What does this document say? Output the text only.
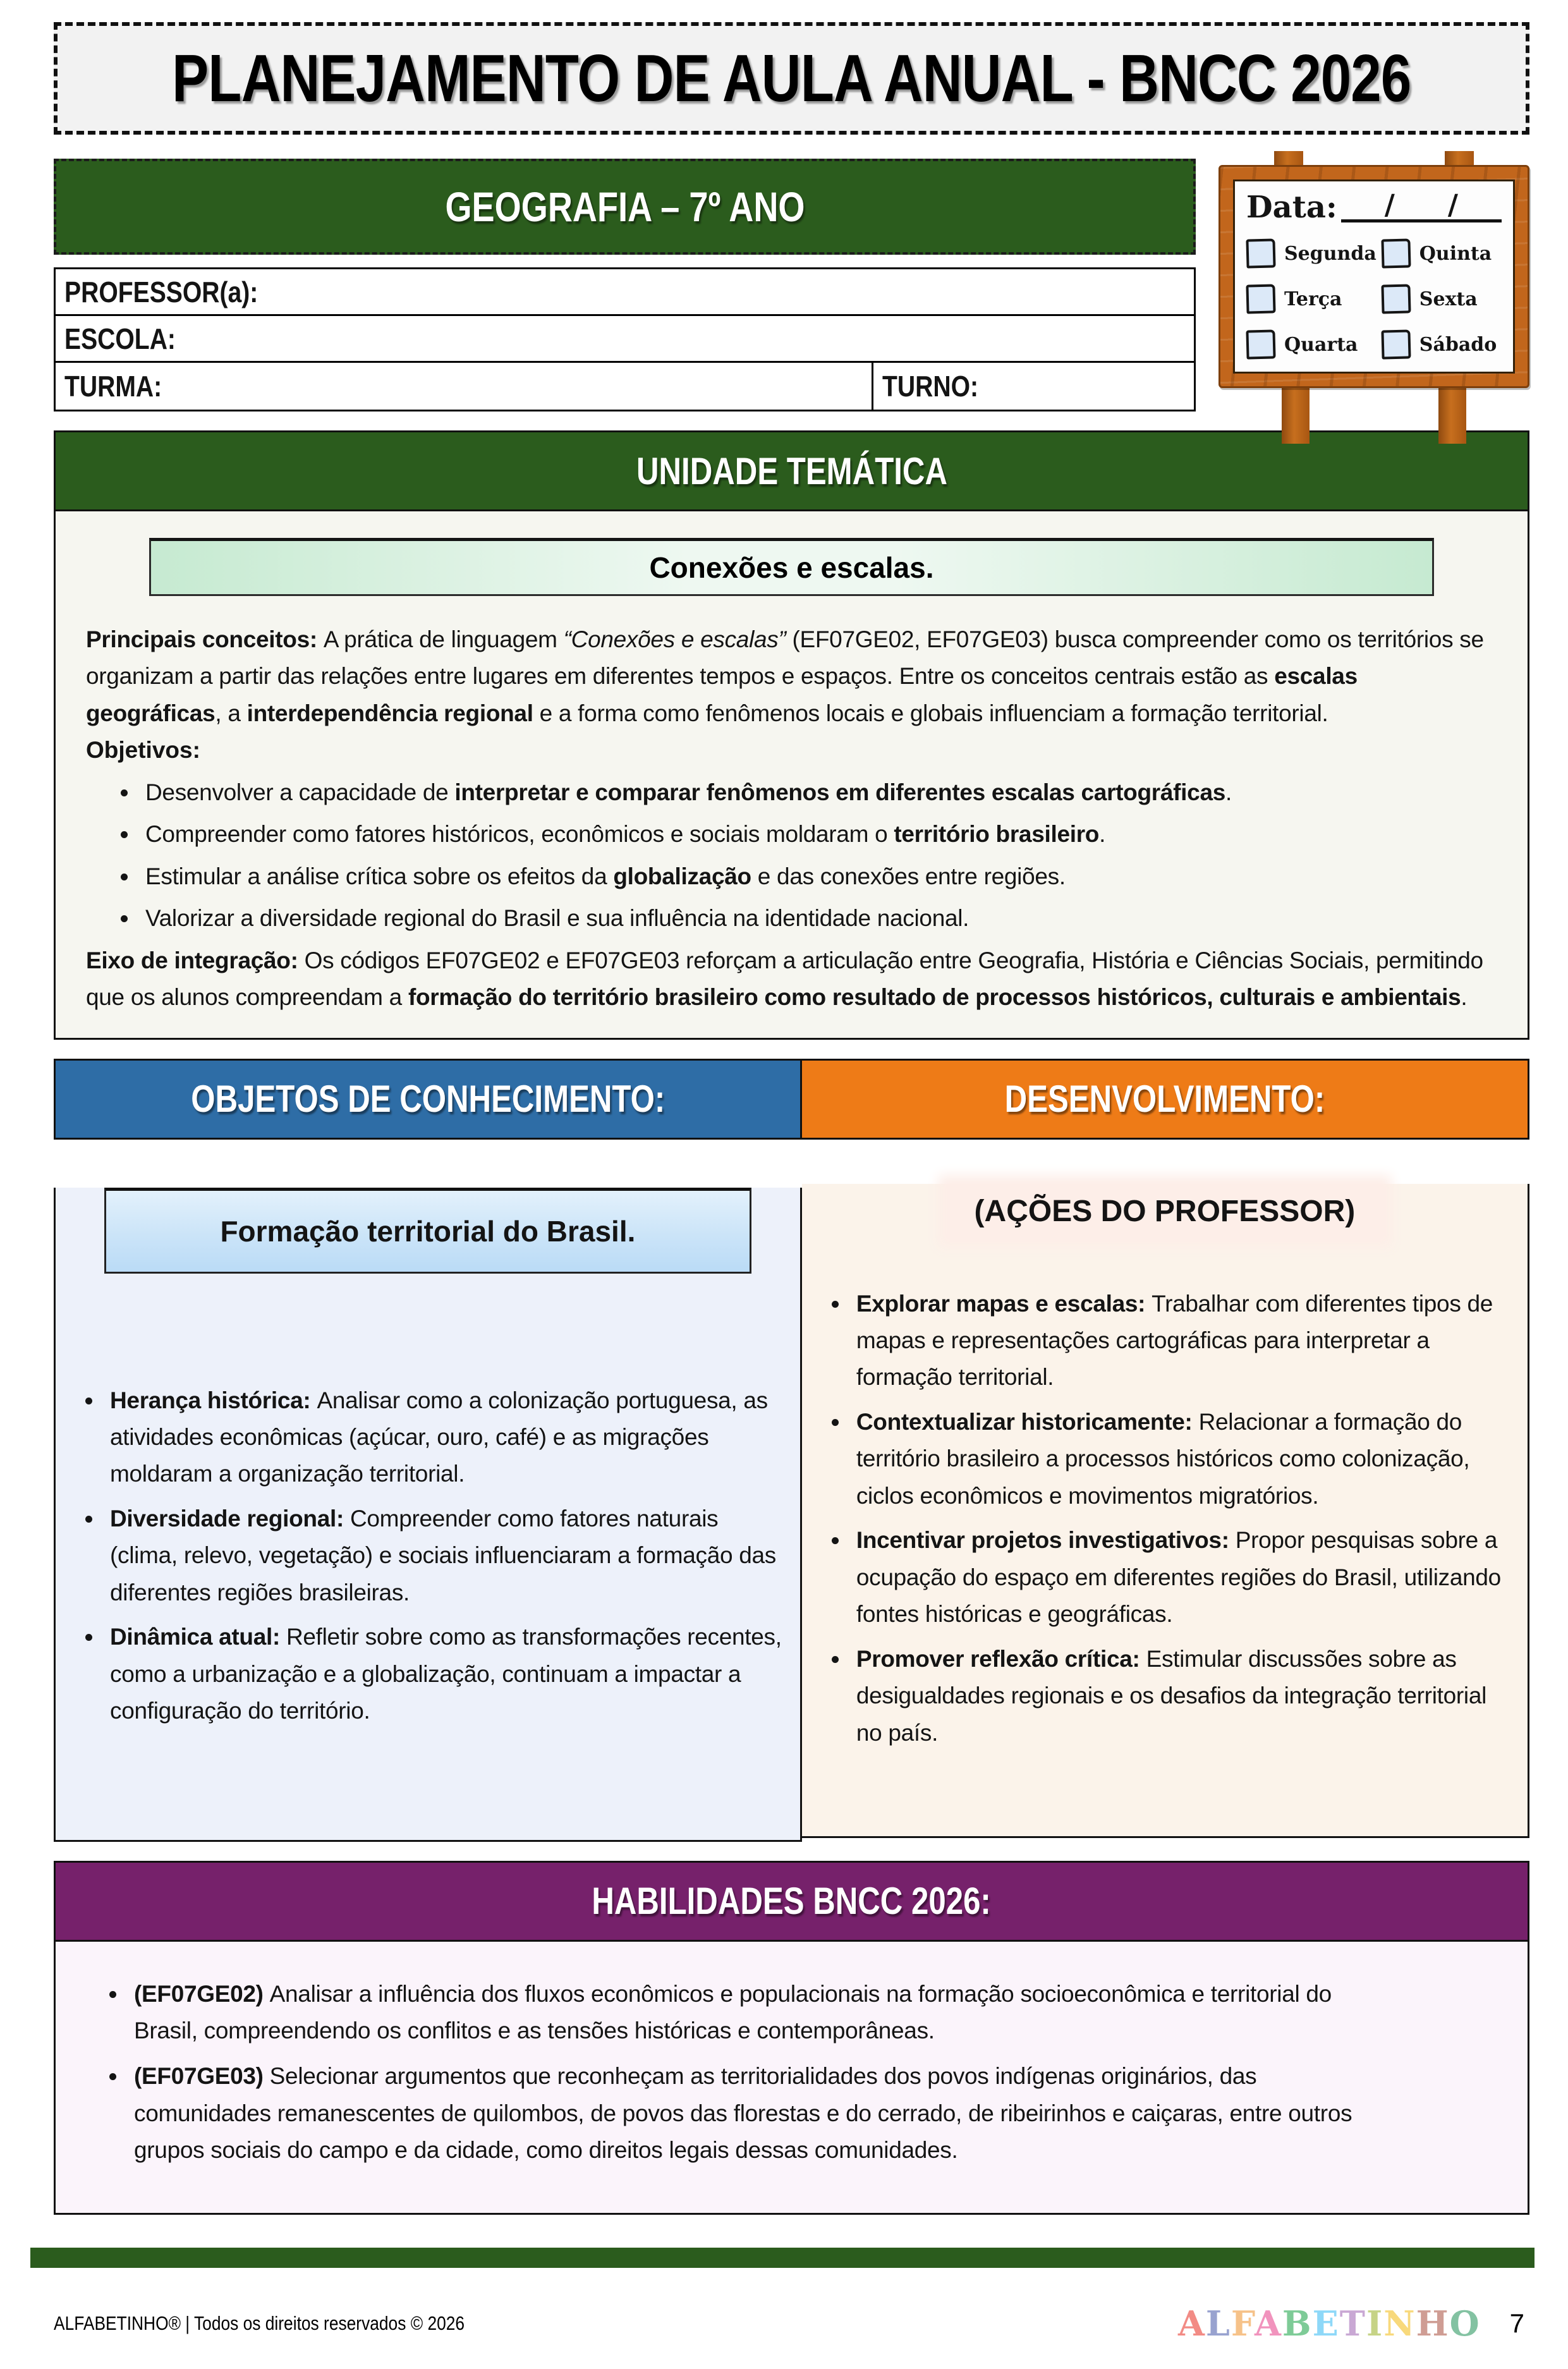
PLANEJAMENTO DE AULA ANUAL - BNCC 2026
GEOGRAFIA – 7º ANO
PROFESSOR(a):
ESCOLA:
TURMA:	TURNO:
Data: / /
Segunda Quinta
Terça	Sexta
Quarta	Sábado
UNIDADE TEMÁTICA
Conexões e escalas.

Principais conceitos: A prática de linguagem “Conexões e escalas” (EF07GE02, EF07GE03) busca compreender como os territórios se organizam a partir das relações entre lugares em diferentes tempos e espaços. Entre os conceitos centrais estão as escalas geográficas, a interdependência regional e a forma como fenômenos locais e globais influenciam a formação territorial.

Objetivos:

• Desenvolver a capacidade de interpretar e comparar fenômenos em diferentes escalas cartográficas.
• Compreender como fatores históricos, econômicos e sociais moldaram o território brasileiro.
• Estimular a análise crítica sobre os efeitos da globalização e das conexões entre regiões.
• Valorizar a diversidade regional do Brasil e sua influência na identidade nacional.

Eixo de integração: Os códigos EF07GE02 e EF07GE03 reforçam a articulação entre Geografia, História e Ciências Sociais, permitindo que os alunos compreendam a formação do território brasileiro como resultado de processos históricos, culturais e ambientais.

OBJETOS DE CONHECIMENTO:
Formação territorial do Brasil.
• Herança histórica: Analisar como a colonização portuguesa, as atividades econômicas (açúcar, ouro, café) e as migrações moldaram a organização territorial.
• Diversidade regional: Compreender como fatores naturais (clima, relevo, vegetação) e sociais influenciaram a formação das diferentes regiões brasileiras.
• Dinâmica atual: Refletir sobre como as transformações recentes, como a urbanização e a globalização, continuam a impactar a configuração do território.
DESENVOLVIMENTO:
(AÇÕES DO PROFESSOR)
• Explorar mapas e escalas: Trabalhar com diferentes tipos de mapas e representações cartográficas para interpretar a formação territorial.
• Contextualizar historicamente: Relacionar a formação do território brasileiro a processos históricos como colonização, ciclos econômicos e movimentos migratórios.
• Incentivar projetos investigativos: Propor pesquisas sobre a ocupação do espaço em diferentes regiões do Brasil, utilizando fontes históricas e geográficas.
• Promover reflexão crítica: Estimular discussões sobre as desigualdades regionais e os desafios da integração territorial no país.
HABILIDADES BNCC 2026:
• (EF07GE02) Analisar a influência dos fluxos econômicos e populacionais na formação socioeconômica e territorial do Brasil, compreendendo os conflitos e as tensões históricas e contemporâneas.
• (EF07GE03) Selecionar argumentos que reconheçam as territorialidades dos povos indígenas originários, das comunidades remanescentes de quilombos, de povos das florestas e do cerrado, de ribeirinhos e caiçaras, entre outros grupos sociais do campo e da cidade, como direitos legais dessas comunidades.
ALFABETINHO® | Todos os direitos reservados © 2026	ALFABETINHO 7
